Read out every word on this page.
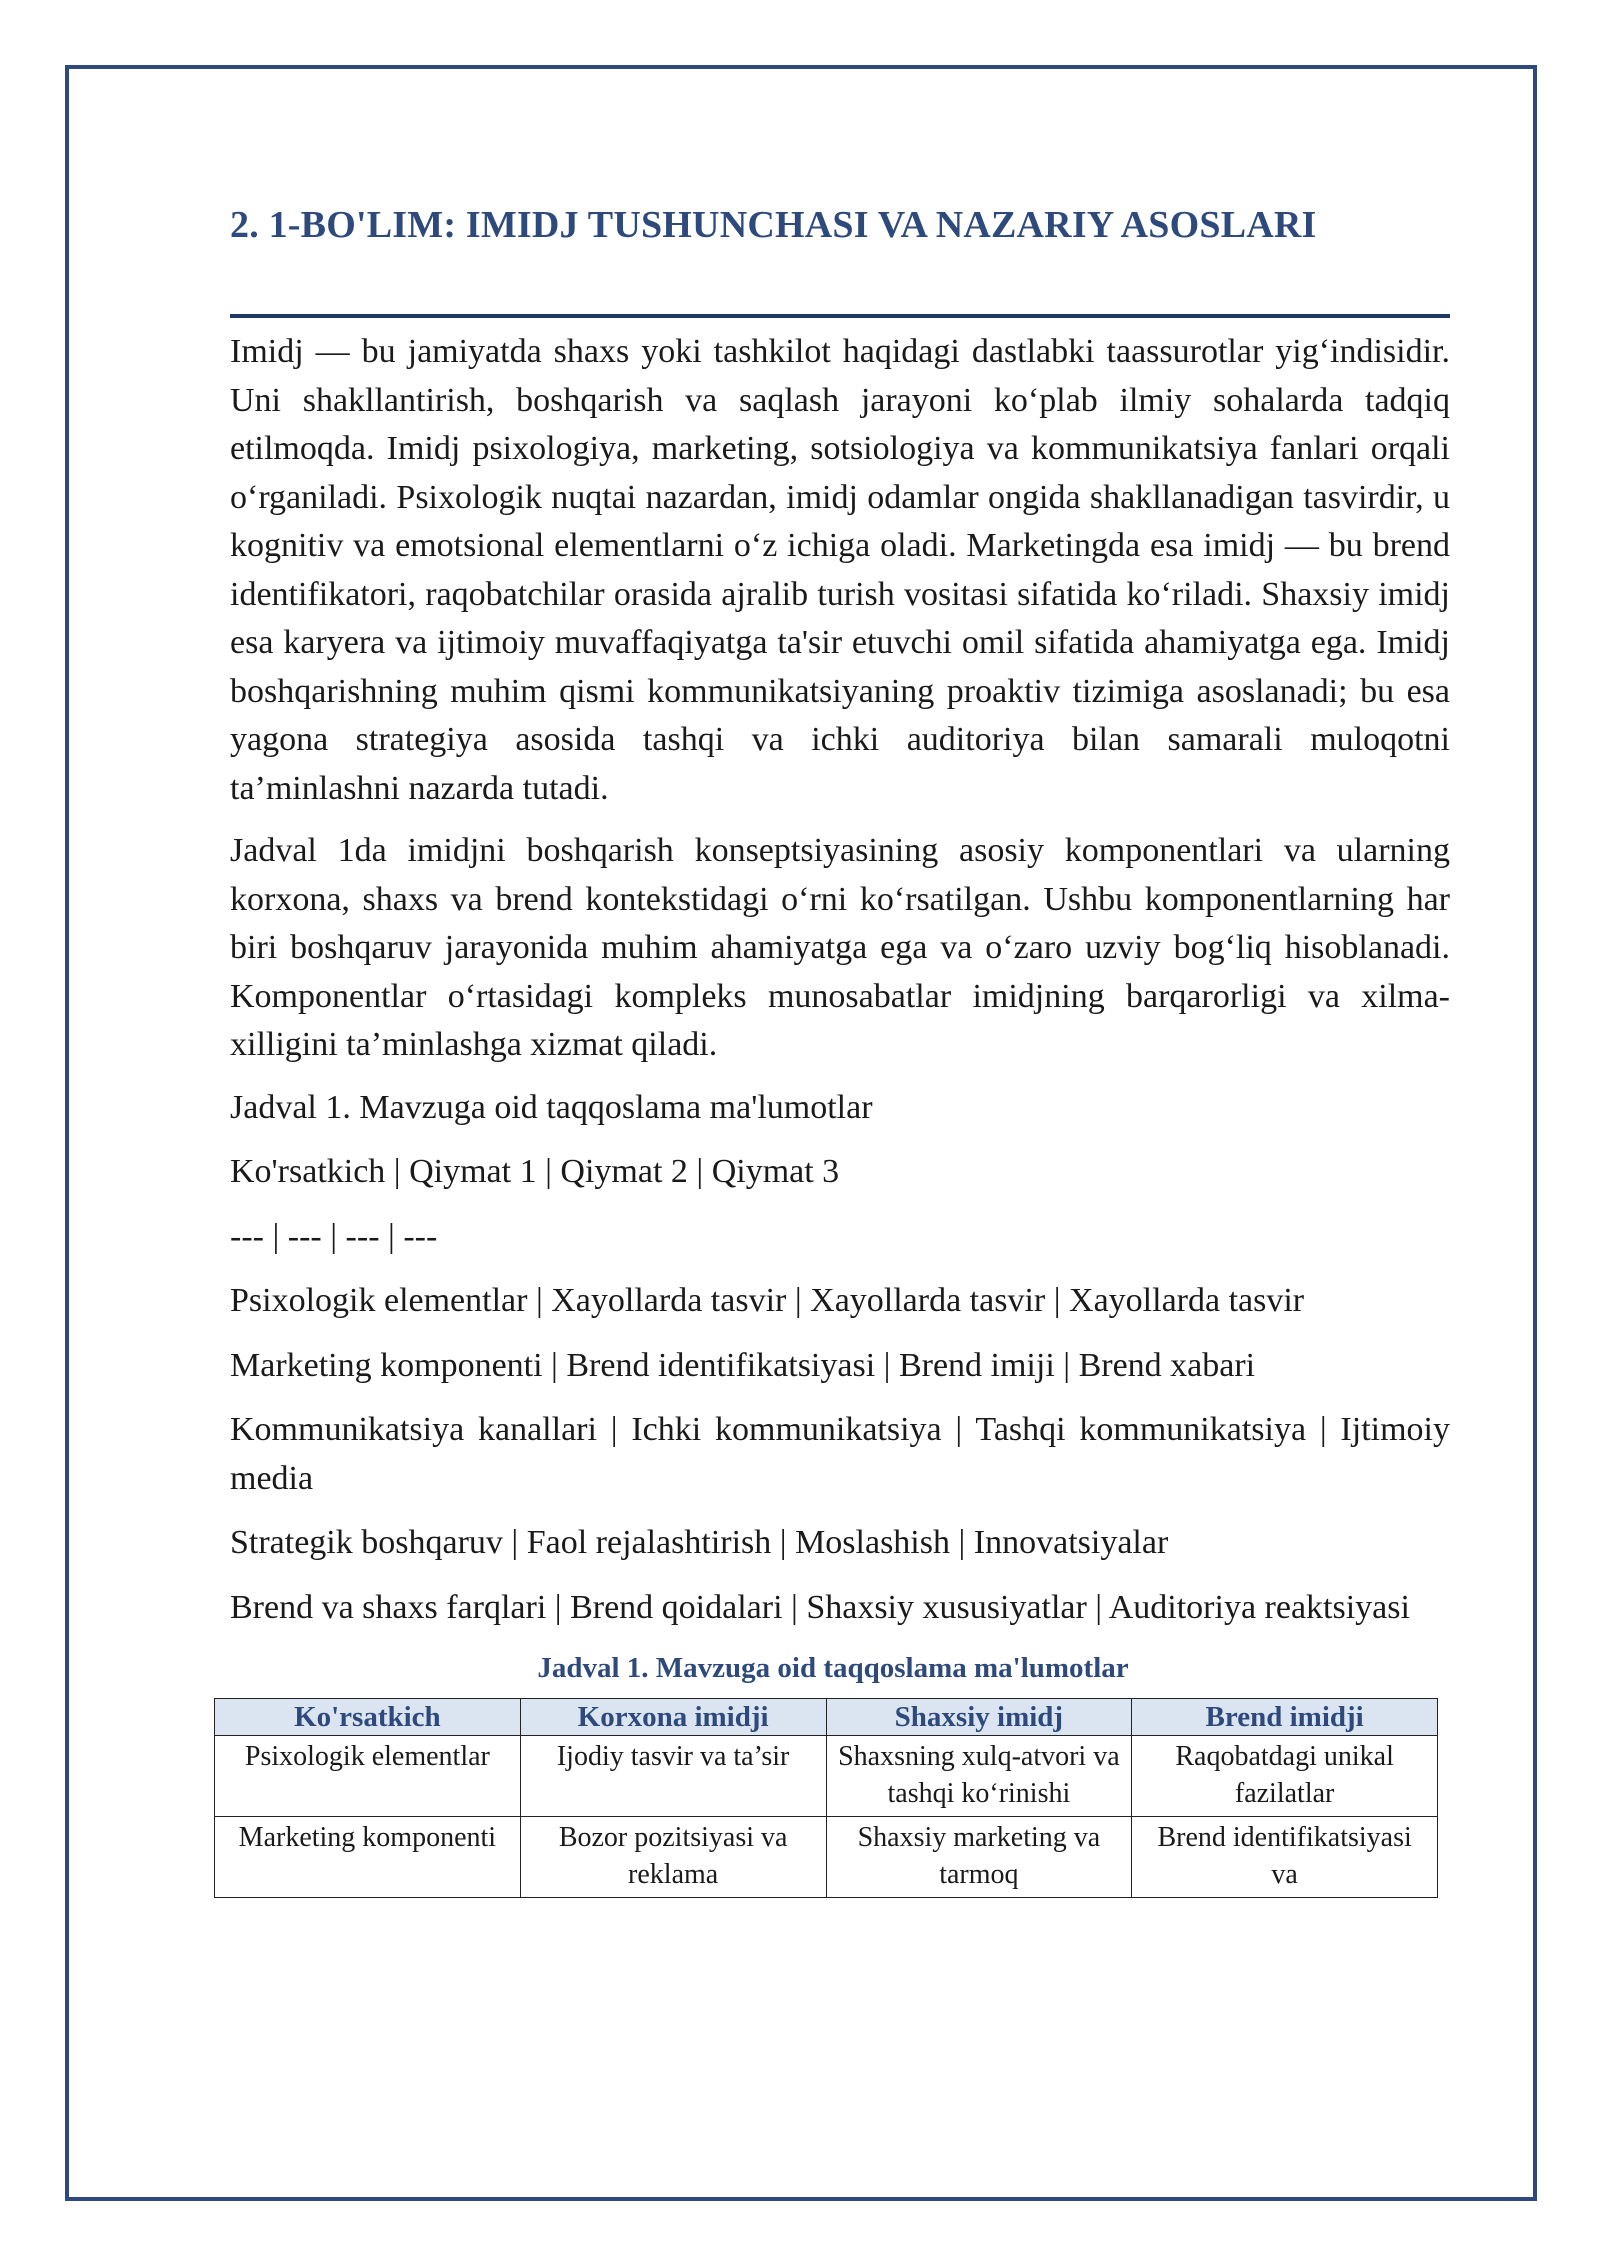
2. 1-BO'LIM: IMIDJ TUSHUNCHASI VA NAZARIY ASOSLARI

Imidj — bu jamiyatda shaxs yoki tashkilot haqidagi dastlabki taassurotlar yig‘indisidir. Uni shakllantirish, boshqarish va saqlash jarayoni ko‘plab ilmiy sohalarda tadqiq etilmoqda. Imidj psixologiya, marketing, sotsiologiya va kommunikatsiya fanlari orqali o‘rganiladi. Psixologik nuqtai nazardan, imidj odamlar ongida shakllanadigan tasvirdir, u kognitiv va emotsional elementlarni o‘z ichiga oladi. Marketingda esa imidj — bu brend identifikatori, raqobatchilar orasida ajralib turish vositasi sifatida ko‘riladi. Shaxsiy imidj esa karyera va ijtimoiy muvaffaqiyatga ta'sir etuvchi omil sifatida ahamiyatga ega. Imidj boshqarishning muhim qismi kommunikatsiyaning proaktiv tizimiga asoslanadi; bu esa yagona strategiya asosida tashqi va ichki auditoriya bilan samarali muloqotni ta’minlashni nazarda tutadi.

Jadval 1da imidjni boshqarish konseptsiyasining asosiy komponentlari va ularning korxona, shaxs va brend kontekstidagi o‘rni ko‘rsatilgan. Ushbu komponentlarning har biri boshqaruv jarayonida muhim ahamiyatga ega va o‘zaro uzviy bog‘liq hisoblanadi. Komponentlar o‘rtasidagi kompleks munosabatlar imidjning barqarorligi va xilma-xilligini ta’minlashga xizmat qiladi.

Jadval 1. Mavzuga oid taqqoslama ma'lumotlar

Ko'rsatkich | Qiymat 1 | Qiymat 2 | Qiymat 3

--- | --- | --- | ---

Psixologik elementlar | Xayollarda tasvir | Xayollarda tasvir | Xayollarda tasvir

Marketing komponenti | Brend identifikatsiyasi | Brend imiji | Brend xabari

Kommunikatsiya kanallari | Ichki kommunikatsiya | Tashqi kommunikatsiya | Ijtimoiy media

Strategik boshqaruv | Faol rejalashtirish | Moslashish | Innovatsiyalar

Brend va shaxs farqlari | Brend qoidalari | Shaxsiy xususiyatlar | Auditoriya reaktsiyasi

Jadval 1. Mavzuga oid taqqoslama ma'lumotlar
Ko'rsatkich	Korxona imidji	Shaxsiy imidj	Brend imidji
Psixologik elementlar	Ijodiy tasvir va ta’sir	Shaxsning xulq-atvori va tashqi ko‘rinishi	Raqobatdagi unikal fazilatlar
Marketing komponenti	Bozor pozitsiyasi va reklama	Shaxsiy marketing va tarmoq	Brend identifikatsiyasi va
